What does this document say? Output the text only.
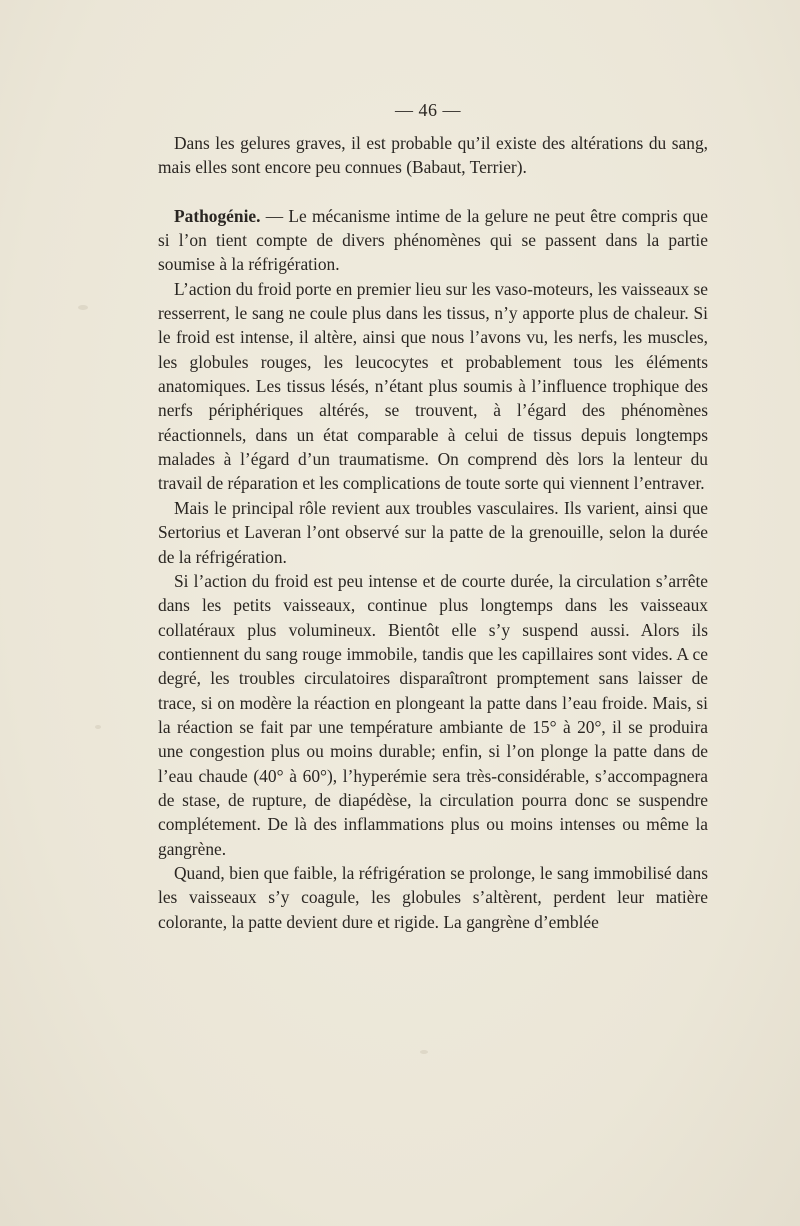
— 46 —

Dans les gelures graves, il est probable qu’il existe des altérations du sang, mais elles sont encore peu connues (Babaut, Terrier).

Pathogénie. — Le mécanisme intime de la gelure ne peut être compris que si l’on tient compte de divers phénomènes qui se passent dans la partie soumise à la réfrigération.

L’action du froid porte en premier lieu sur les vaso-moteurs, les vaisseaux se resserrent, le sang ne coule plus dans les tissus, n’y apporte plus de chaleur. Si le froid est intense, il altère, ainsi que nous l’avons vu, les nerfs, les muscles, les globules rouges, les leucocytes et probablement tous les éléments anatomiques. Les tissus lésés, n’étant plus soumis à l’influence trophique des nerfs périphériques altérés, se trouvent, à l’égard des phénomènes réactionnels, dans un état comparable à celui de tissus depuis longtemps malades à l’égard d’un traumatisme. On comprend dès lors la lenteur du travail de réparation et les complications de toute sorte qui viennent l’entraver.

Mais le principal rôle revient aux troubles vasculaires. Ils varient, ainsi que Sertorius et Laveran l’ont observé sur la patte de la grenouille, selon la durée de la réfrigération.

Si l’action du froid est peu intense et de courte durée, la circulation s’arrête dans les petits vaisseaux, continue plus longtemps dans les vaisseaux collatéraux plus volumineux. Bientôt elle s’y suspend aussi. Alors ils contiennent du sang rouge immobile, tandis que les capillaires sont vides. A ce degré, les troubles circulatoires disparaîtront promptement sans laisser de trace, si on modère la réaction en plongeant la patte dans l’eau froide. Mais, si la réaction se fait par une température ambiante de 15° à 20°, il se produira une congestion plus ou moins durable; enfin, si l’on plonge la patte dans de l’eau chaude (40° à 60°), l’hyperémie sera très-considérable, s’accompagnera de stase, de rupture, de diapédèse, la circulation pourra donc se suspendre complétement. De là des inflammations plus ou moins intenses ou même la gangrène.

Quand, bien que faible, la réfrigération se prolonge, le sang immobilisé dans les vaisseaux s’y coagule, les globules s’altèrent, perdent leur matière colorante, la patte devient dure et rigide. La gangrène d’emblée
